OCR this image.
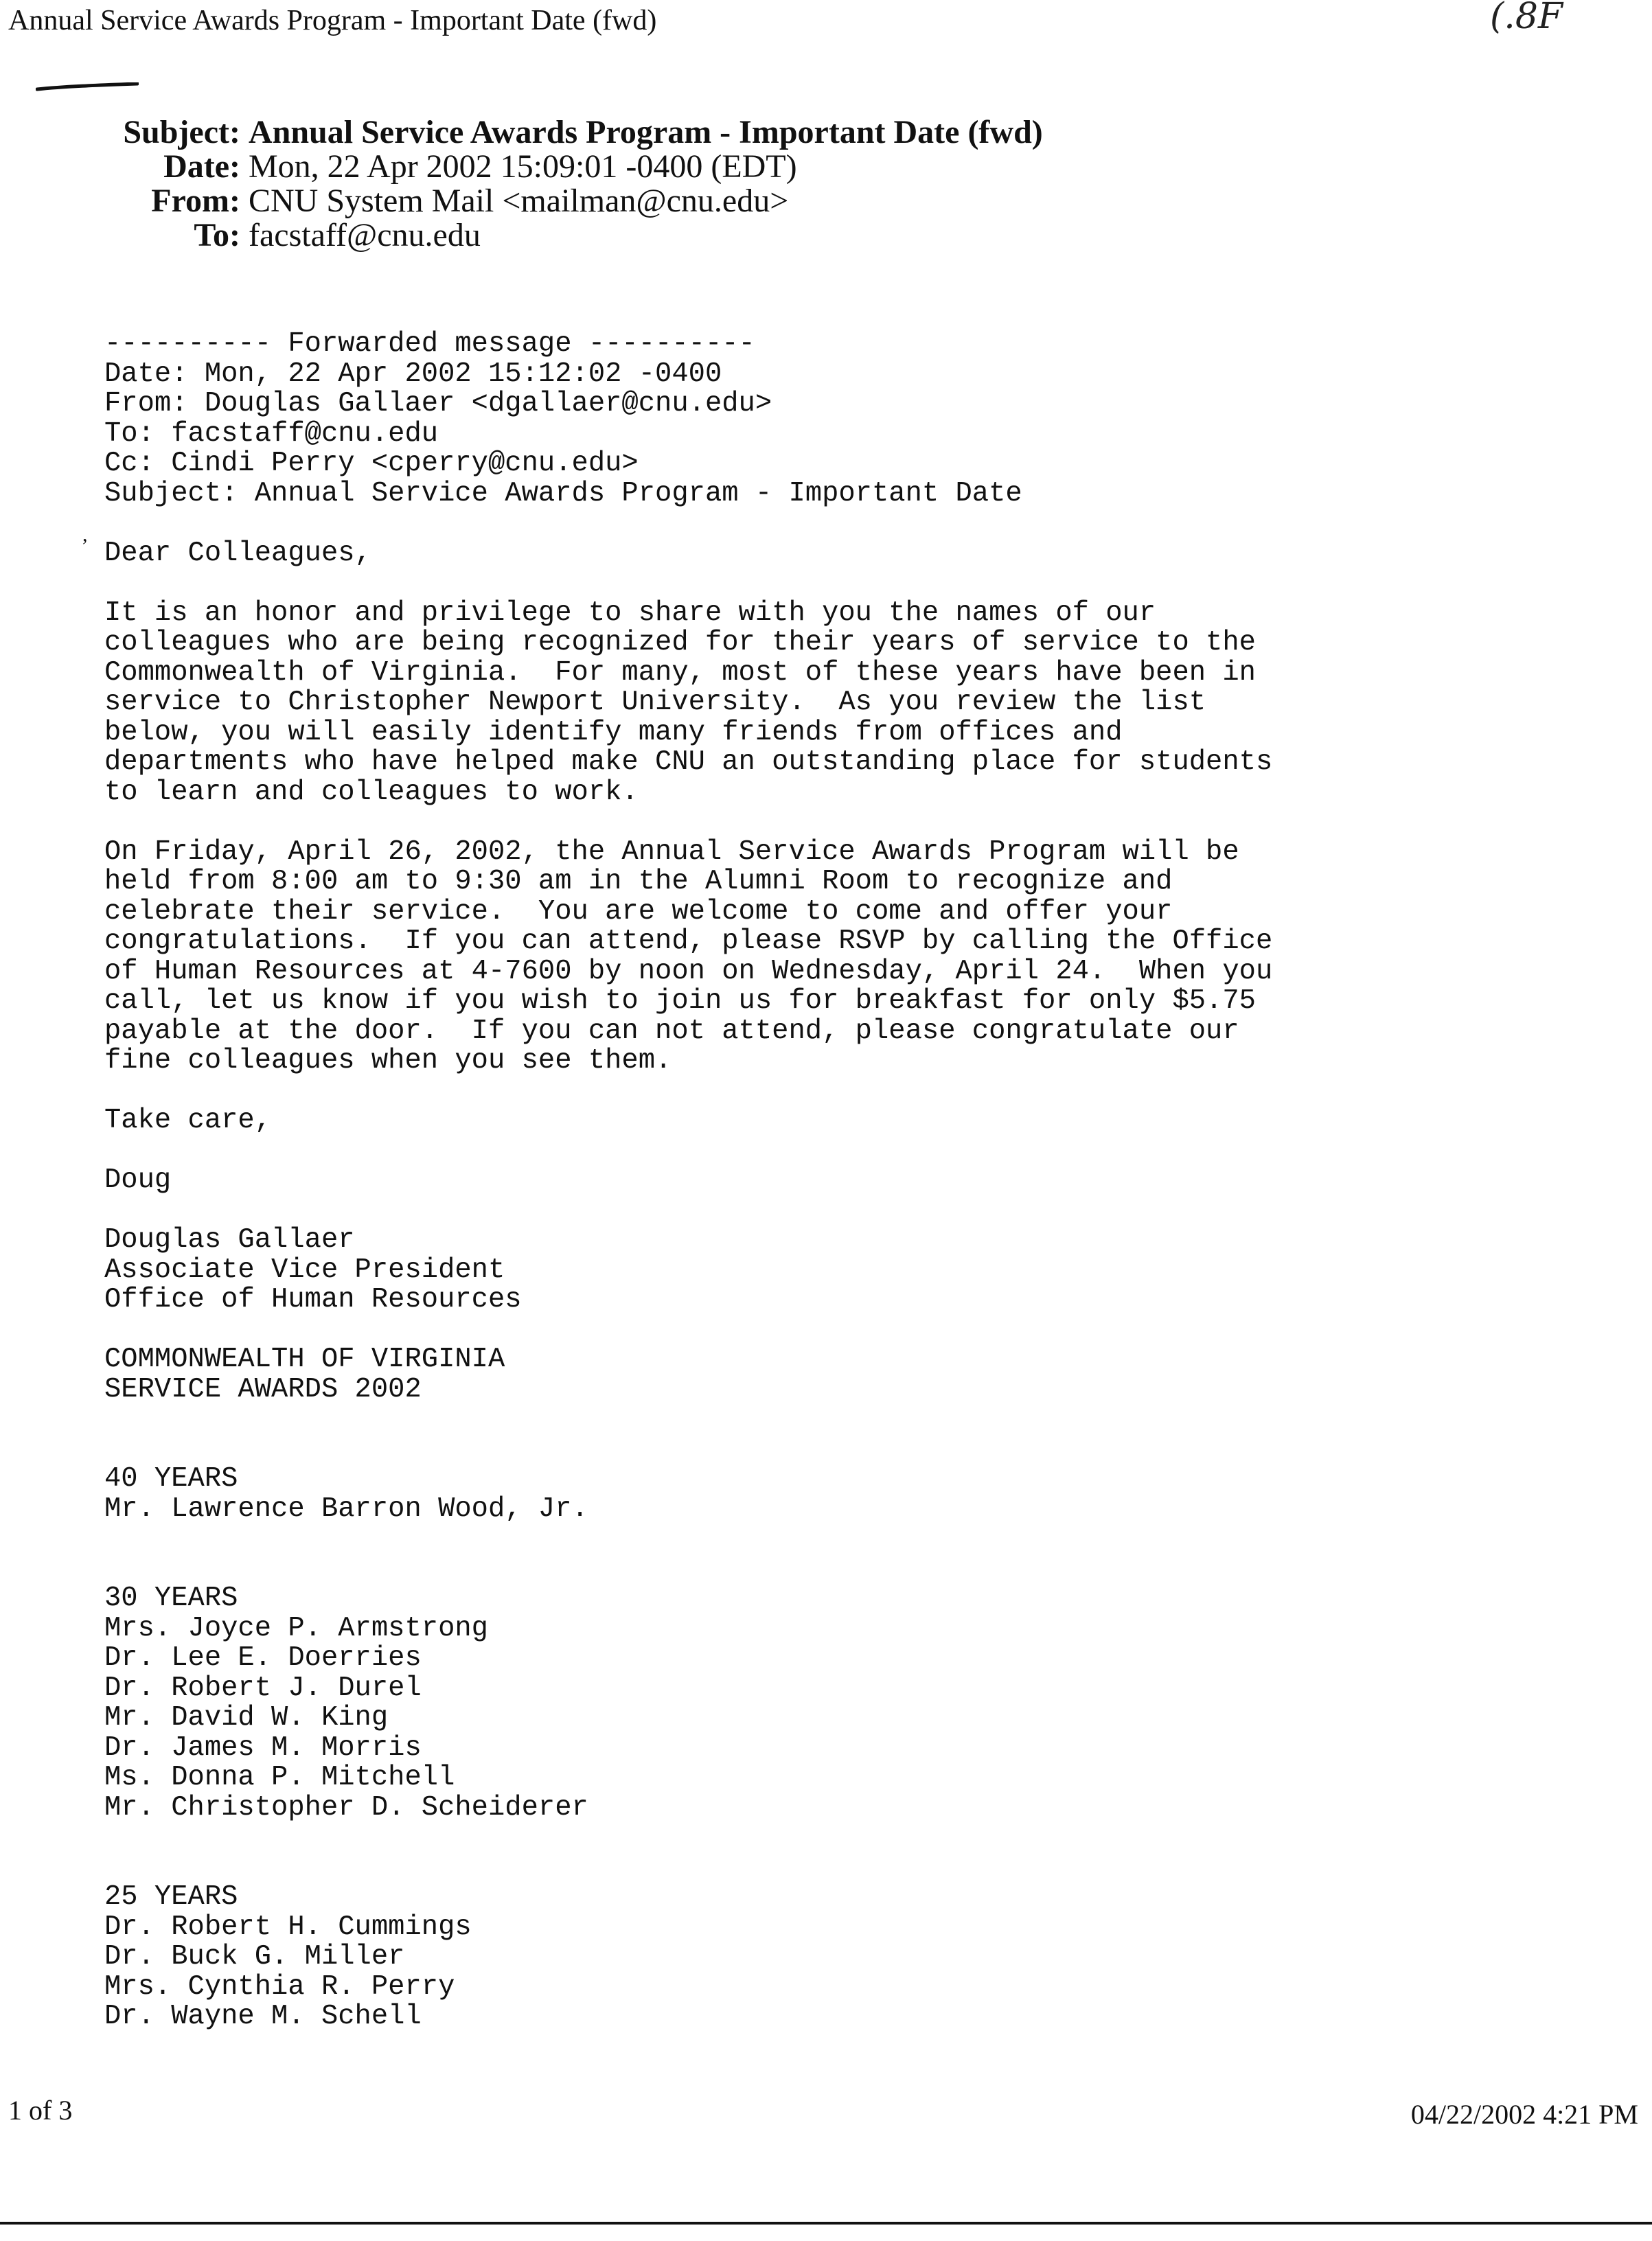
Annual Service Awards Program - Important Date (fwd)	(.8F
Subject: Annual Service Awards Program - Important Date (fwd)
Date: Mon, 22 Apr 2002 15:09:01 -0400 (EDT)
From: CNU System Mail <mailman@cnu.edu>
To: facstaff@cnu.edu
,
---------- Forwarded message ----------
Date: Mon, 22 Apr 2002 15:12:02 -0400
From: Douglas Gallaer <dgallaer@cnu.edu>
To: facstaff@cnu.edu
Cc: Cindi Perry <cperry@cnu.edu>
Subject: Annual Service Awards Program - Important Date
Dear Colleagues,
It is an honor and privilege to share with you the names of our
colleagues who are being recognized for their years of service to the
Commonwealth of Virginia.  For many, most of these years have been in
service to Christopher Newport University.  As you review the list
below, you will easily identify many friends from offices and
departments who have helped make CNU an outstanding place for students
to learn and colleagues to work.
On Friday, April 26, 2002, the Annual Service Awards Program will be
held from 8:00 am to 9:30 am in the Alumni Room to recognize and
celebrate their service.  You are welcome to come and offer your
congratulations.  If you can attend, please RSVP by calling the Office
of Human Resources at 4-7600 by noon on Wednesday, April 24.  When you
call, let us know if you wish to join us for breakfast for only $5.75
payable at the door.  If you can not attend, please congratulate our
fine colleagues when you see them.
Take care,
Doug
Douglas Gallaer
Associate Vice President
Office of Human Resources
COMMONWEALTH OF VIRGINIA
SERVICE AWARDS 2002
40 YEARS
Mr. Lawrence Barron Wood, Jr.
30 YEARS
Mrs. Joyce P. Armstrong
Dr. Lee E. Doerries
Dr. Robert J. Durel
Mr. David W. King
Dr. James M. Morris
Ms. Donna P. Mitchell
Mr. Christopher D. Scheiderer
25 YEARS
Dr. Robert H. Cummings
Dr. Buck G. Miller
Mrs. Cynthia R. Perry
Dr. Wayne M. Schell
1 of 3	04/22/2002 4:21 PM
